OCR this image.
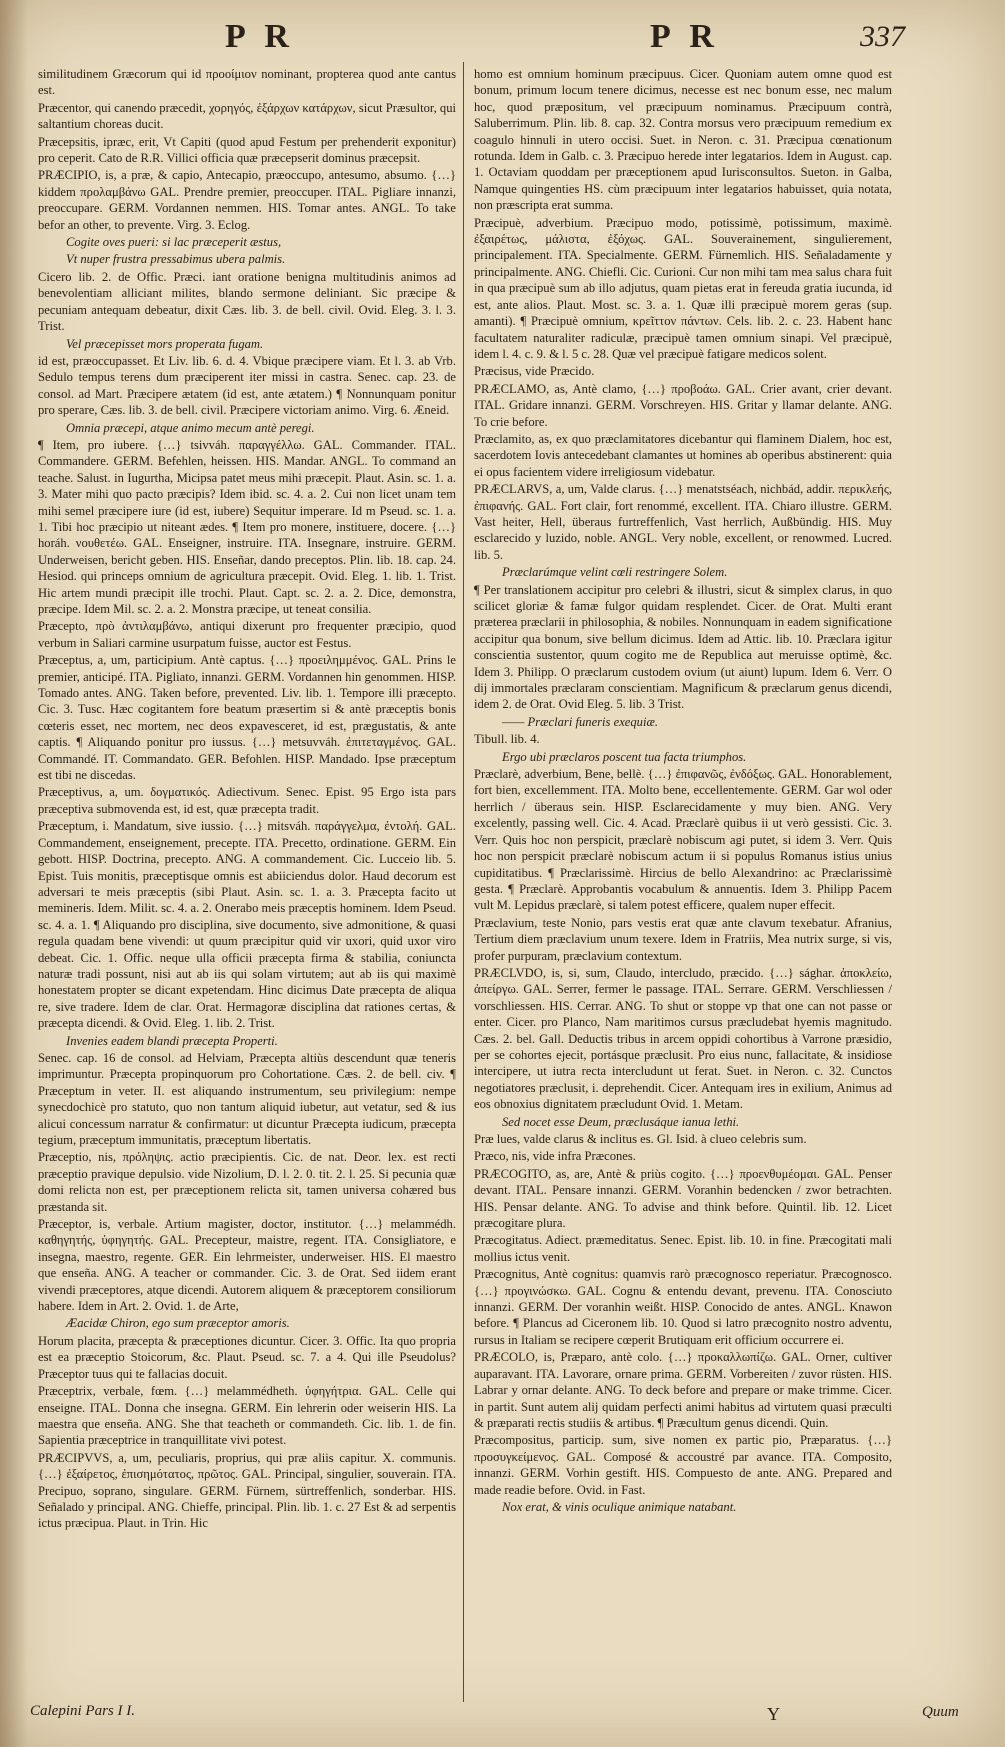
P R	P R	337

similitudinem Græcorum qui id προοίμιον nominant, propterea quod ante cantus est.

Præcentor, qui canendo præcedit, χορηγός, ἐξάρχων κατάρχων, sicut Præsultor, qui saltantium choreas ducit.

Præcepsitis, ipræc, erit, Vt Capiti (quod apud Festum per prehenderit exponitur) pro ceperit. Cato de R.R. Villici officia quæ præcepserit dominus præcepsit.

PRÆCIPIO, is, a præ, & capio, Antecapio, præoccupo, antesumo, absumo. {…} kiddem προλαμβάνω GAL. Prendre premier, preoccuper. ITAL. Pigliare innanzi, preoccupare. GERM. Vordannen nemmen. HIS. Tomar antes. ANGL. To take befor an other, to prevente. Virg. 3. Eclog.

Cogite oves pueri: si lac præceperit æstus,

Vt nuper frustra pressabimus ubera palmis.

Cicero lib. 2. de Offic. Præci. iant oratione benigna multitudinis animos ad benevolentiam alliciant milites, blando sermone deliniant. Sic præcipe & pecuniam antequam debeatur, dixit Cæs. lib. 3. de bell. civil. Ovid. Eleg. 3. l. 3. Trist.

Vel præcepisset mors properata fugam.

id est, præoccupasset. Et Liv. lib. 6. d. 4. Vbique præcipere viam. Et l. 3. ab Vrb. Sedulo tempus terens dum præciperent iter missi in castra. Senec. cap. 23. de consol. ad Mart. Præcipere ætatem (id est, ante ætatem.) ¶ Nonnunquam ponitur pro sperare, Cæs. lib. 3. de bell. civil. Præcipere victoriam animo. Virg. 6. Æneid.

Omnia præcepi, atque animo mecum antè peregi.

¶ Item, pro iubere. {…} tsivváh. παραγγέλλω. GAL. Commander. ITAL. Commandere. GERM. Befehlen, heissen. HIS. Mandar. ANGL. To command an teache. Salust. in Iugurtha, Micipsa patet meus mihi præcepit. Plaut. Asin. sc. 1. a. 3. Mater mihi quo pacto præcipis? Idem ibid. sc. 4. a. 2. Cui non licet unam tem mihi semel præcipere iure (id est, iubere) Sequitur imperare. Id m Pseud. sc. 1. a. 1. Tibi hoc præcipio ut niteant ædes. ¶ Item pro monere, instituere, docere. {…} horáh. νουθετέω. GAL. Enseigner, instruire. ITA. Insegnare, instruire. GERM. Underweisen, bericht geben. HIS. Enseñar, dando preceptos. Plin. lib. 18. cap. 24. Hesiod. qui princeps omnium de agricultura præcepit. Ovid. Eleg. 1. lib. 1. Trist. Hic artem mundi præcipit ille trochi. Plaut. Capt. sc. 2. a. 2. Dice, demonstra, præcipe. Idem Mil. sc. 2. a. 2. Monstra præcipe, ut teneat consilia.

Præcepto, πρὸ ἀντιλαμβάνω, antiqui dixerunt pro frequenter præcipio, quod verbum in Saliari carmine usurpatum fuisse, auctor est Festus.

Præceptus, a, um, participium. Antè captus. {…} προειλημμένος. GAL. Prins le premier, anticipé. ITA. Pigliato, innanzi. GERM. Vordannen hin genommen. HISP. Tomado antes. ANG. Taken before, prevented. Liv. lib. 1. Tempore illi præcepto. Cic. 3. Tusc. Hæc cogitantem fore beatum præsertim si & antè præceptis bonis cœteris esset, nec mortem, nec deos expavesceret, id est, prægustatis, & ante captis. ¶ Aliquando ponitur pro iussus. {…} metsuvváh. ἐπιτεταγμένος. GAL. Commandé. IT. Commandato. GER. Befohlen. HISP. Mandado. Ipse præceptum est tibi ne discedas.

Præceptivus, a, um. δογματικός. Adiectivum. Senec. Epist. 95 Ergo ista pars præceptiva submovenda est, id est, quæ præcepta tradit.

Præceptum, i. Mandatum, sive iussio. {…} mitsváh. παράγγελμα, ἐντολή. GAL. Commandement, enseignement, precepte. ITA. Precetto, ordinatione. GERM. Ein gebott. HISP. Doctrina, precepto. ANG. A commandement. Cic. Lucceio lib. 5. Epist. Tuis monitis, præceptisque omnis est abiiciendus dolor. Haud decorum est adversari te meis præceptis (sibi Plaut. Asin. sc. 1. a. 3. Præcepta facito ut memineris. Idem. Milit. sc. 4. a. 2. Onerabo meis præceptis hominem. Idem Pseud. sc. 4. a. 1. ¶ Aliquando pro disciplina, sive documento, sive admonitione, & quasi regula quadam bene vivendi: ut quum præcipitur quid vir uxori, quid uxor viro debeat. Cic. 1. Offic. neque ulla officii præcepta firma & stabilia, coniuncta naturæ tradi possunt, nisi aut ab iis qui solam virtutem; aut ab iis qui maximè honestatem propter se dicant expetendam. Hinc dicimus Date præcepta de aliqua re, sive tradere. Idem de clar. Orat. Hermagoræ disciplina dat rationes certas, & præcepta dicendi. & Ovid. Eleg. 1. lib. 2. Trist.

Invenies eadem blandi præcepta Properti.

Senec. cap. 16 de consol. ad Helviam, Præcepta altiùs descendunt quæ teneris imprimuntur. Præcepta propinquorum pro Cohortatione. Cæs. 2. de bell. civ. ¶ Præceptum in veter. II. est aliquando instrumentum, seu privilegium: nempe synecdochicè pro statuto, quo non tantum aliquid iubetur, aut vetatur, sed & ius alicui concessum narratur & confirmatur: ut dicuntur Præcepta iudicum, præcepta tegium, præceptum immunitatis, præceptum libertatis.

Præceptio, nis, πρόληψις. actio præcipientis. Cic. de nat. Deor. lex. est recti præceptio pravique depulsio. vide Nizolium, D. l. 2. 0. tit. 2. l. 25. Si pecunia quæ domi relicta non est, per præceptionem relicta sit, tamen universa cohæred bus præstanda sit.

Præceptor, is, verbale. Artium magister, doctor, institutor. {…} melammédh. καθηγητής, ὑφηγητής. GAL. Precepteur, maistre, regent. ITA. Consigliatore, e insegna, maestro, regente. GER. Ein lehrmeister, underweiser. HIS. El maestro que enseña. ANG. A teacher or commander. Cic. 3. de Orat. Sed iidem erant vivendi præceptores, atque dicendi. Autorem aliquem & præceptorem consiliorum habere. Idem in Art. 2. Ovid. 1. de Arte,

Æacidæ Chiron, ego sum præceptor amoris.

Horum placita, præcepta & præceptiones dicuntur. Cicer. 3. Offic. Ita quo propria est ea præceptio Stoicorum, &c. Plaut. Pseud. sc. 7. a 4. Qui ille Pseudolus? Præceptor tuus qui te fallacias docuit.

Præceptrix, verbale, fœm. {…} melammédheth. ὑφηγήτρια. GAL. Celle qui enseigne. ITAL. Donna che insegna. GERM. Ein lehrerin oder weiserin HIS. La maestra que enseña. ANG. She that teacheth or commandeth. Cic. lib. 1. de fin. Sapientia præceptrice in tranquillitate vivi potest.

PRÆCIPVVS, a, um, peculiaris, proprius, qui præ aliis capitur. X. communis. {…} ἐξαίρετος, ἐπισημότατος, πρῶτος. GAL. Principal, singulier, souverain. ITA. Precipuo, soprano, singulare. GERM. Fürnem, sürtreffenlich, sonderbar. HIS. Señalado y principal. ANG. Chieffe, principal. Plin. lib. 1. c. 27 Est & ad serpentis ictus præcipua. Plaut. in Trin. Hic

homo est omnium hominum præcipuus. Cicer. Quoniam autem omne quod est bonum, primum locum tenere dicimus, necesse est nec bonum esse, nec malum hoc, quod præpositum, vel præcipuum nominamus. Præcipuum contrà, Saluberrimum. Plin. lib. 8. cap. 32. Contra morsus vero præcipuum remedium ex coagulo hinnuli in utero occisi. Suet. in Neron. c. 31. Præcipua cœnationum rotunda. Idem in Galb. c. 3. Præcipuo herede inter legatarios. Idem in August. cap. 1. Octaviam quoddam per præceptionem apud Iurisconsultos. Sueton. in Galba, Namque quingenties HS. cùm præcipuum inter legatarios habuisset, quia notata, non præscripta erat summa.

Præcipuè, adverbium. Præcipuo modo, potissimè, potissimum, maximè. ἐξαιρέτως, μάλιστα, ἐξόχως. GAL. Souverainement, singulierement, principalement. ITA. Specialmente. GERM. Fürnemlich. HIS. Señaladamente y principalmente. ANG. Chiefli. Cic. Curioni. Cur non mihi tam mea salus chara fuit in qua præcipuè sum ab illo adjutus, quam pietas erat in fereuda gratia iucunda, id est, ante alios. Plaut. Most. sc. 3. a. 1. Quæ illi præcipuè morem geras (sup. amanti). ¶ Præcipuè omnium, κρεῖττον πάντων. Cels. lib. 2. c. 23. Habent hanc facultatem naturaliter radiculæ, præcipuè tamen omnium sinapi. Vel præcipuè, idem l. 4. c. 9. & l. 5 c. 28. Quæ vel præcipuè fatigare medicos solent.

Præcisus, vide Præcido.

PRÆCLAMO, as, Antè clamo, {…} προβοάω. GAL. Crier avant, crier devant. ITAL. Gridare innanzi. GERM. Vorschreyen. HIS. Gritar y llamar delante. ANG. To crie before.

Præclamito, as, ex quo præclamitatores dicebantur qui flaminem Dialem, hoc est, sacerdotem Iovis antecedebant clamantes ut homines ab operibus abstinerent: quia ei opus facientem videre irreligiosum videbatur.

PRÆCLARVS, a, um, Valde clarus. {…} menatstséach, nichbád, addir. περικλεής, ἐπιφανής. GAL. Fort clair, fort renommé, excellent. ITA. Chiaro illustre. GERM. Vast heiter, Hell, überaus furtreffenlich, Vast herrlich, Außbündig. HIS. Muy esclarecido y luzido, noble. ANGL. Very noble, excellent, or renowmed. Lucred. lib. 5.

Præclarúmque velint cœli restringere Solem.

¶ Per translationem accipitur pro celebri & illustri, sicut & simplex clarus, in quo scilicet gloriæ & famæ fulgor quidam resplendet. Cicer. de Orat. Multi erant præterea præclarii in philosophia, & nobiles. Nonnunquam in eadem significatione accipitur qua bonum, sive bellum dicimus. Idem ad Attic. lib. 10. Præclara igitur conscientia sustentor, quum cogito me de Republica aut meruisse optimè, &c. Idem 3. Philipp. O præclarum custodem ovium (ut aiunt) lupum. Idem 6. Verr. O dij immortales præclaram conscientiam. Magnificum & præclarum genus dicendi, idem 2. de Orat. Ovid Eleg. 5. lib. 3 Trist.

—— Præclari funeris exequiæ.

Tibull. lib. 4.

Ergo ubi præclaros poscent tua facta triumphos.

Præclarè, adverbium, Bene, bellè. {…} ἐπιφανῶς, ἐνδόξως. GAL. Honorablement, fort bien, excellemment. ITA. Molto bene, eccellentemente. GERM. Gar wol oder herrlich / überaus sein. HISP. Esclarecidamente y muy bien. ANG. Very excelently, passing well. Cic. 4. Acad. Præclarè quibus ii ut verò gessisti. Cic. 3. Verr. Quis hoc non perspicit, præclarè nobiscum agi putet, si idem 3. Verr. Quis hoc non perspicit præclarè nobiscum actum ii si populus Romanus istius unius cupiditatibus. ¶ Præclarissimè. Hircius de bello Alexandrino: ac Præclarissimè gesta. ¶ Præclarè. Approbantis vocabulum & annuentis. Idem 3. Philipp Pacem vult M. Lepidus præclarè, si talem potest efficere, qualem nuper effecit.

Præclavium, teste Nonio, pars vestis erat quæ ante clavum texebatur. Afranius, Tertium diem præclavium unum texere. Idem in Fratriis, Mea nutrix surge, si vis, profer purpuram, præclavium contextum.

PRÆCLVDO, is, si, sum, Claudo, intercludo, præcido. {…} sághar. ἀποκλείω, ἀπείργω. GAL. Serrer, fermer le passage. ITAL. Serrare. GERM. Verschliessen / vorschliessen. HIS. Cerrar. ANG. To shut or stoppe vp that one can not passe or enter. Cicer. pro Planco, Nam maritimos cursus præcludebat hyemis magnitudo. Cæs. 2. bel. Gall. Deductis tribus in arcem oppidi cohortibus à Varrone præsidio, per se cohortes ejecit, portásque præclusit. Pro eius nunc, fallacitate, & insidiose intercipere, ut iutra recta intercludunt ut ferat. Suet. in Neron. c. 32. Cunctos negotiatores præclusit, i. deprehendit. Cicer. Antequam ires in exilium, Animus ad eos obnoxius dignitatem præcludunt Ovid. 1. Metam.

Sed nocet esse Deum, præclusáque ianua lethi.

Præ lues, valde clarus & inclitus es. Gl. Isid. à clueo celebris sum.

Præco, nis, vide infra Præcones.

PRÆCOGITO, as, are, Antè & priùs cogito. {…} προενθυμέομαι. GAL. Penser devant. ITAL. Pensare innanzi. GERM. Voranhin bedencken / zwor betrachten. HIS. Pensar delante. ANG. To advise and think before. Quintil. lib. 12. Licet præcogitare plura.

Præcogitatus. Adiect. præmeditatus. Senec. Epist. lib. 10. in fine. Præcogitati mali mollius ictus venit.

Præcognitus, Antè cognitus: quamvis rarò præcognosco reperiatur. Præcognosco. {…} προγινώσκω. GAL. Cognu & entendu devant, prevenu. ITA. Conosciuto innanzi. GERM. Der voranhin weißt. HISP. Conocido de antes. ANGL. Knawon before. ¶ Plancus ad Ciceronem lib. 10. Quod si latro præcognito nostro adventu, rursus in Italiam se recipere cœperit Brutiquam erit officium occurrere ei.

PRÆCOLO, is, Præparo, antè colo. {…} προκαλλωπίζω. GAL. Orner, cultiver auparavant. ITA. Lavorare, ornare prima. GERM. Vorbereiten / zuvor rüsten. HIS. Labrar y ornar delante. ANG. To deck before and prepare or make trimme. Cicer. in partit. Sunt autem alij quidam perfecti animi habitus ad virtutem quasi præculti & præparati rectis studiis & artibus. ¶ Præcultum genus dicendi. Quin.

Præcompositus, particip. sum, sive nomen ex partic pio, Præparatus. {…} προσυγκείμενος. GAL. Composé & accoustré par avance. ITA. Composito, innanzi. GERM. Vorhin gestift. HIS. Compuesto de ante. ANG. Prepared and made readie before. Ovid. in Fast.

Nox erat, & vinis oculique animique natabant.

Calepini Pars I I.	Y	Quum
